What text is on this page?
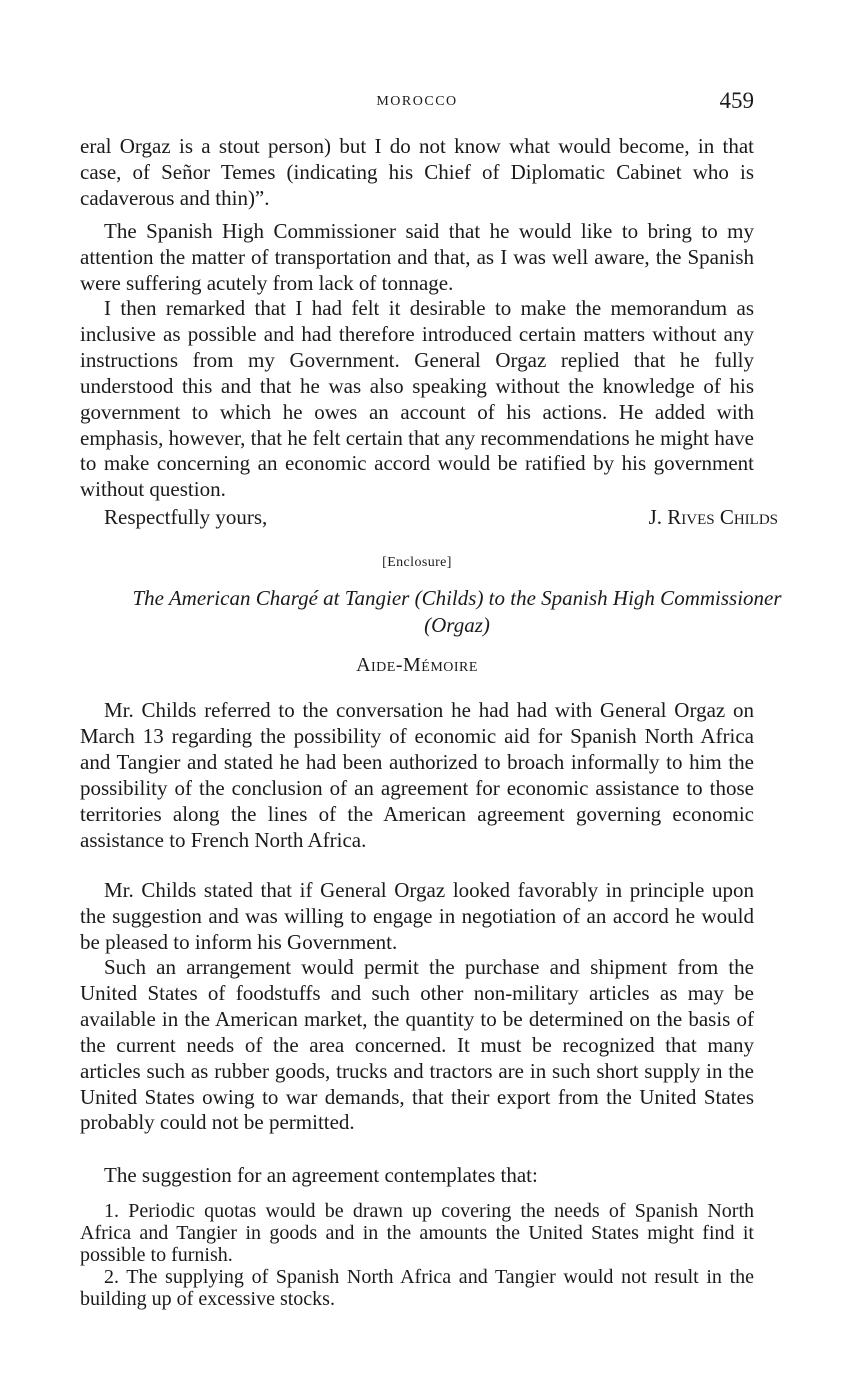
MOROCCO	459

eral Orgaz is a stout person) but I do not know what would become, in that case, of Señor Temes (indicating his Chief of Diplomatic Cabinet who is cadaverous and thin)”.

The Spanish High Commissioner said that he would like to bring to my attention the matter of transportation and that, as I was well aware, the Spanish were suffering acutely from lack of tonnage.

I then remarked that I had felt it desirable to make the memorandum as inclusive as possible and had therefore introduced certain matters without any instructions from my Government. General Orgaz replied that he fully understood this and that he was also speaking without the knowledge of his government to which he owes an account of his actions. He added with emphasis, however, that he felt certain that any recommendations he might have to make concerning an economic accord would be ratified by his government without question.

Respectfully yours,	J. Rives Childs

[Enclosure]
The American Chargé at Tangier (Childs) to the Spanish High Commissioner (Orgaz)
Aide-Mémoire

Mr. Childs referred to the conversation he had had with General Orgaz on March 13 regarding the possibility of economic aid for Spanish North Africa and Tangier and stated he had been authorized to broach informally to him the possibility of the conclusion of an agreement for economic assistance to those territories along the lines of the American agreement governing economic assistance to French North Africa.

Mr. Childs stated that if General Orgaz looked favorably in principle upon the suggestion and was willing to engage in negotiation of an accord he would be pleased to inform his Government.

Such an arrangement would permit the purchase and shipment from the United States of foodstuffs and such other non-military articles as may be available in the American market, the quantity to be determined on the basis of the current needs of the area concerned. It must be recognized that many articles such as rubber goods, trucks and tractors are in such short supply in the United States owing to war demands, that their export from the United States probably could not be permitted.

The suggestion for an agreement contemplates that:

1. Periodic quotas would be drawn up covering the needs of Spanish North Africa and Tangier in goods and in the amounts the United States might find it possible to furnish.

2. The supplying of Spanish North Africa and Tangier would not result in the building up of excessive stocks.
